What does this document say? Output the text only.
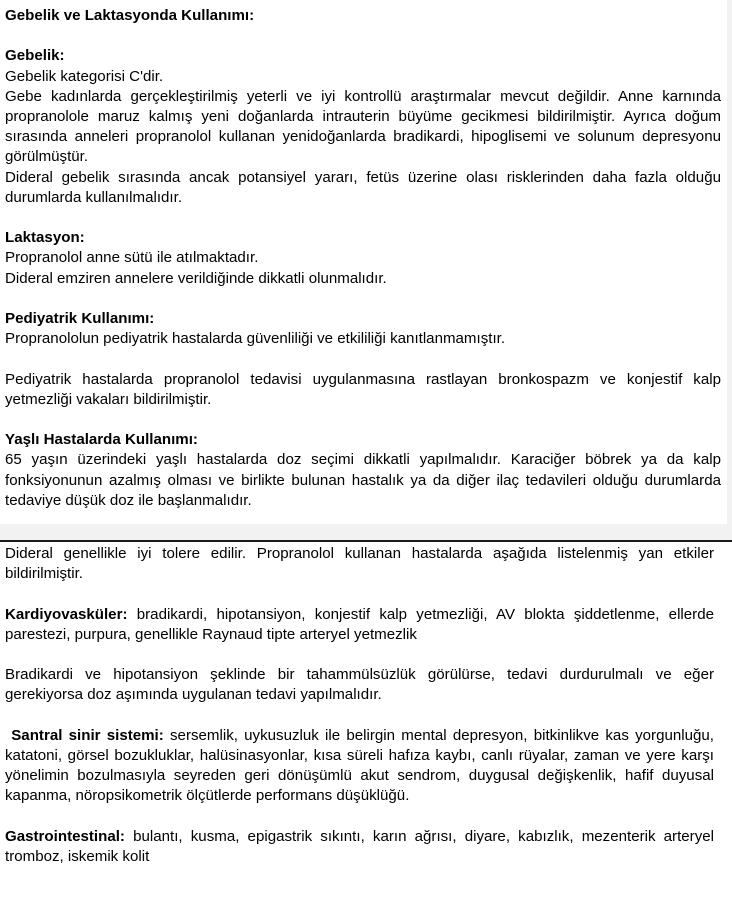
Gebelik ve Laktasyonda Kullanımı:

Gebelik:

Gebelik kategorisi C'dir.

Gebe kadınlarda gerçekleştirilmiş yeterli ve iyi kontrollü araştırmalar mevcut değildir. Anne karnında propranolole maruz kalmış yeni doğanlarda intrauterin büyüme gecikmesi bildirilmiştir. Ayrıca doğum sırasında anneleri propranolol kullanan yenidoğanlarda bradikardi, hipoglisemi ve solunum depresyonu görülmüştür.

Dideral gebelik sırasında ancak potansiyel yararı, fetüs üzerine olası risklerinden daha fazla olduğu durumlarda kullanılmalıdır.

Laktasyon:

Propranolol anne sütü ile atılmaktadır.

Dideral emziren annelere verildiğinde dikkatli olunmalıdır.

Pediyatrik Kullanımı:

Propranololun pediyatrik hastalarda güvenliliği ve etkililiği kanıtlanmamıştır.

Pediyatrik hastalarda propranolol tedavisi uygulanmasına rastlayan bronkospazm ve konjestif kalp yetmezliği vakaları bildirilmiştir.

Yaşlı Hastalarda Kullanımı:

65 yaşın üzerindeki yaşlı hastalarda doz seçimi dikkatli yapılmalıdır. Karaciğer böbrek ya da kalp fonksiyonunun azalmış olması ve birlikte bulunan hastalık ya da diğer ilaç tedavileri olduğu durumlarda tedaviye düşük doz ile başlanmalıdır.

Dideral genellikle iyi tolere edilir. Propranolol kullanan hastalarda aşağıda listelenmiş yan etkiler bildirilmiştir.

Kardiyovasküler: bradikardi, hipotansiyon, konjestif kalp yetmezliği, AV blokta şiddetlenme, ellerde parestezi, purpura, genellikle Raynaud tipte arteryel yetmezlik

Bradikardi ve hipotansiyon şeklinde bir tahammülsüzlük görülürse, tedavi durdurulmalı ve eğer gerekiyorsa doz aşımında uygulanan tedavi yapılmalıdır.

Santral sinir sistemi: sersemlik, uykusuzluk ile belirgin mental depresyon, bitkinlikve kas yorgunluğu, katatoni, görsel bozukluklar, halüsinasyonlar, kısa süreli hafıza kaybı, canlı rüyalar, zaman ve yere karşı yönelimin bozulmasıyla seyreden geri dönüşümlü akut sendrom, duygusal değişkenlik, hafif duyusal kapanma, nöropsikometrik ölçütlerde performans düşüklüğü.

Gastrointestinal: bulantı, kusma, epigastrik sıkıntı, karın ağrısı, diyare, kabızlık, mezenterik arteryel tromboz, iskemik kolit
